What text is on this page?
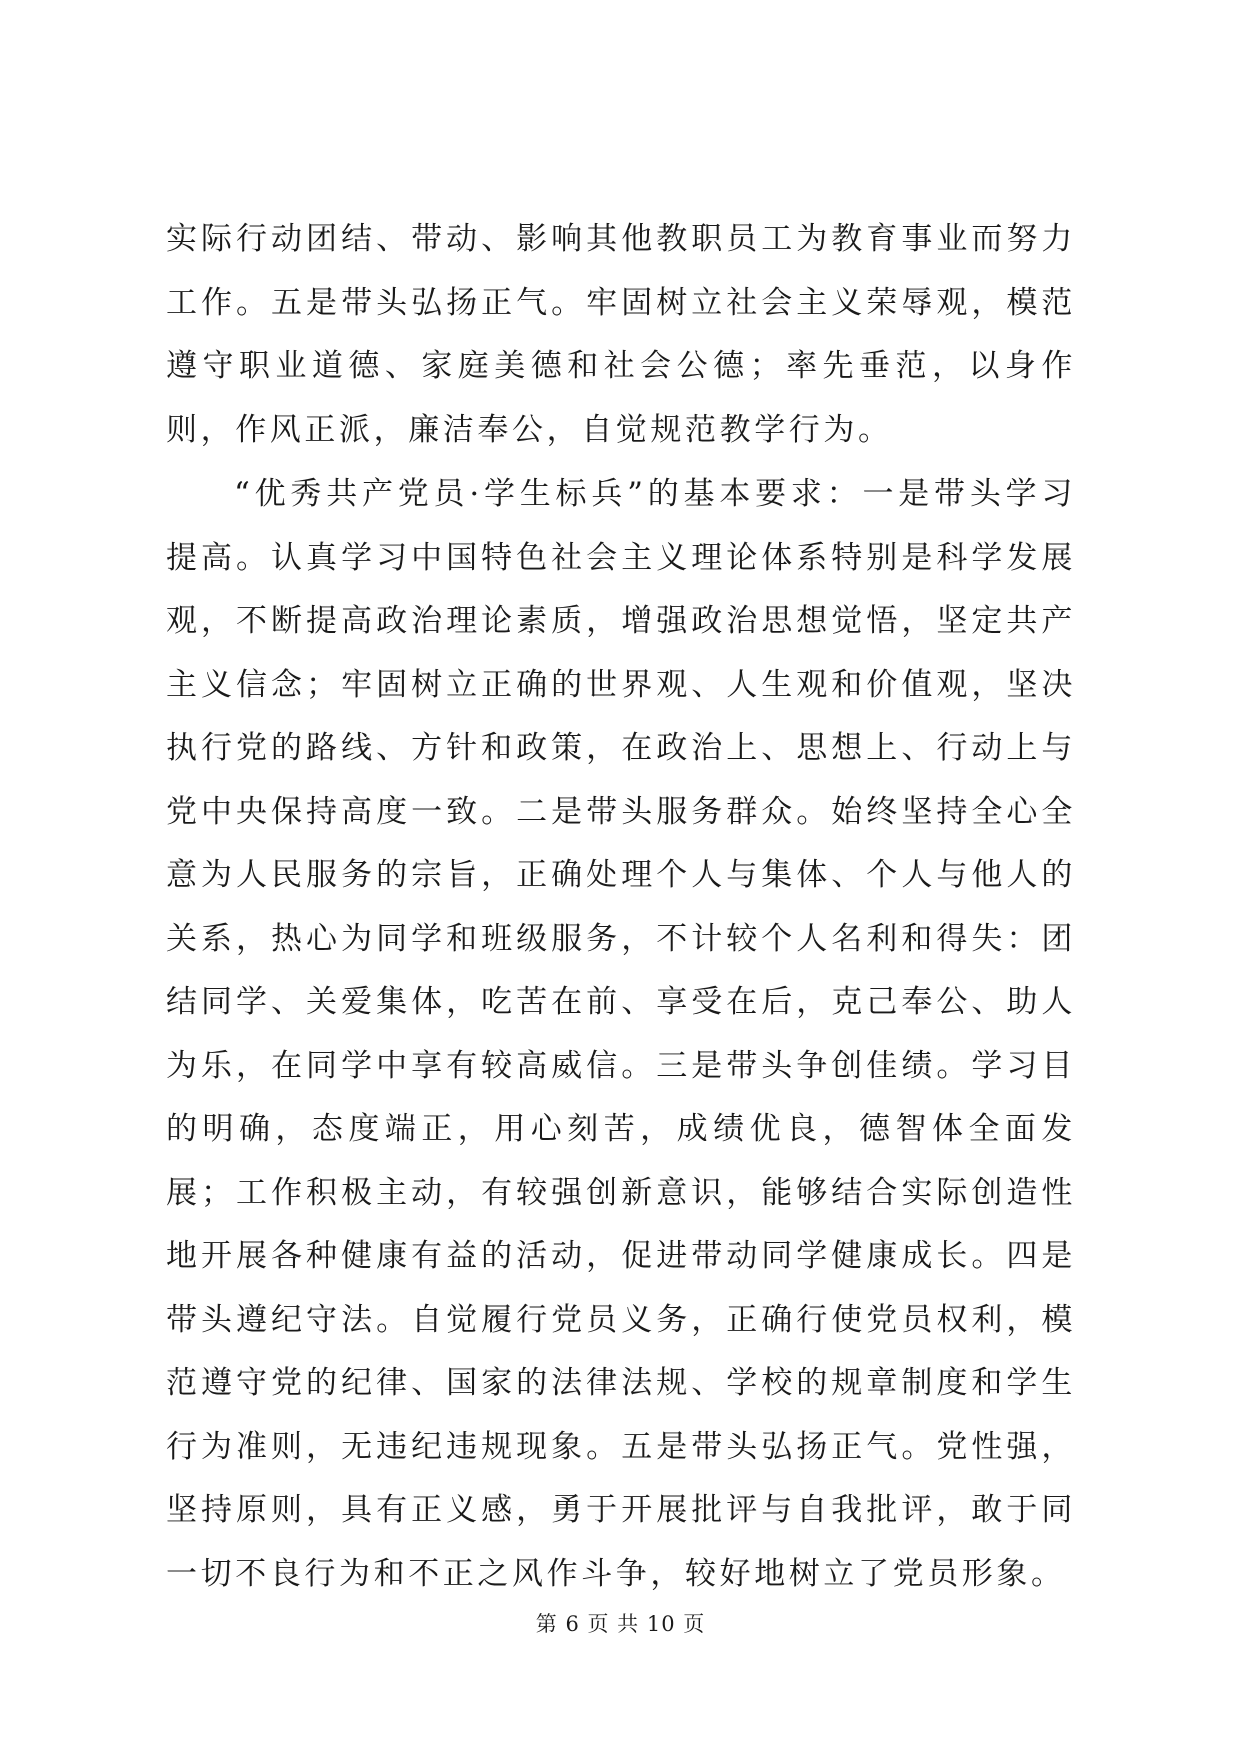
实际行动团结、带动、影响其他教职员工为教育事业而努力工作。五是带头弘扬正气。牢固树立社会主义荣辱观，模范遵守职业道德、家庭美德和社会公德；率先垂范，以身作则，作风正派，廉洁奉公，自觉规范教学行为。

“优秀共产党员·学生标兵”的基本要求：一是带头学习提高。认真学习中国特色社会主义理论体系特别是科学发展观，不断提高政治理论素质，增强政治思想觉悟，坚定共产主义信念；牢固树立正确的世界观、人生观和价值观，坚决执行党的路线、方针和政策，在政治上、思想上、行动上与党中央保持高度一致。二是带头服务群众。始终坚持全心全意为人民服务的宗旨，正确处理个人与集体、个人与他人的关系，热心为同学和班级服务，不计较个人名利和得失：团结同学、关爱集体，吃苦在前、享受在后，克己奉公、助人为乐，在同学中享有较高威信。三是带头争创佳绩。学习目的明确，态度端正，用心刻苦，成绩优良，德智体全面发展；工作积极主动，有较强创新意识，能够结合实际创造性地开展各种健康有益的活动，促进带动同学健康成长。四是带头遵纪守法。自觉履行党员义务，正确行使党员权利，模范遵守党的纪律、国家的法律法规、学校的规章制度和学生行为准则，无违纪违规现象。五是带头弘扬正气。党性强，坚持原则，具有正义感，勇于开展批评与自我批评，敢于同一切不良行为和不正之风作斗争，较好地树立了党员形象。

第 6 页 共 10 页
